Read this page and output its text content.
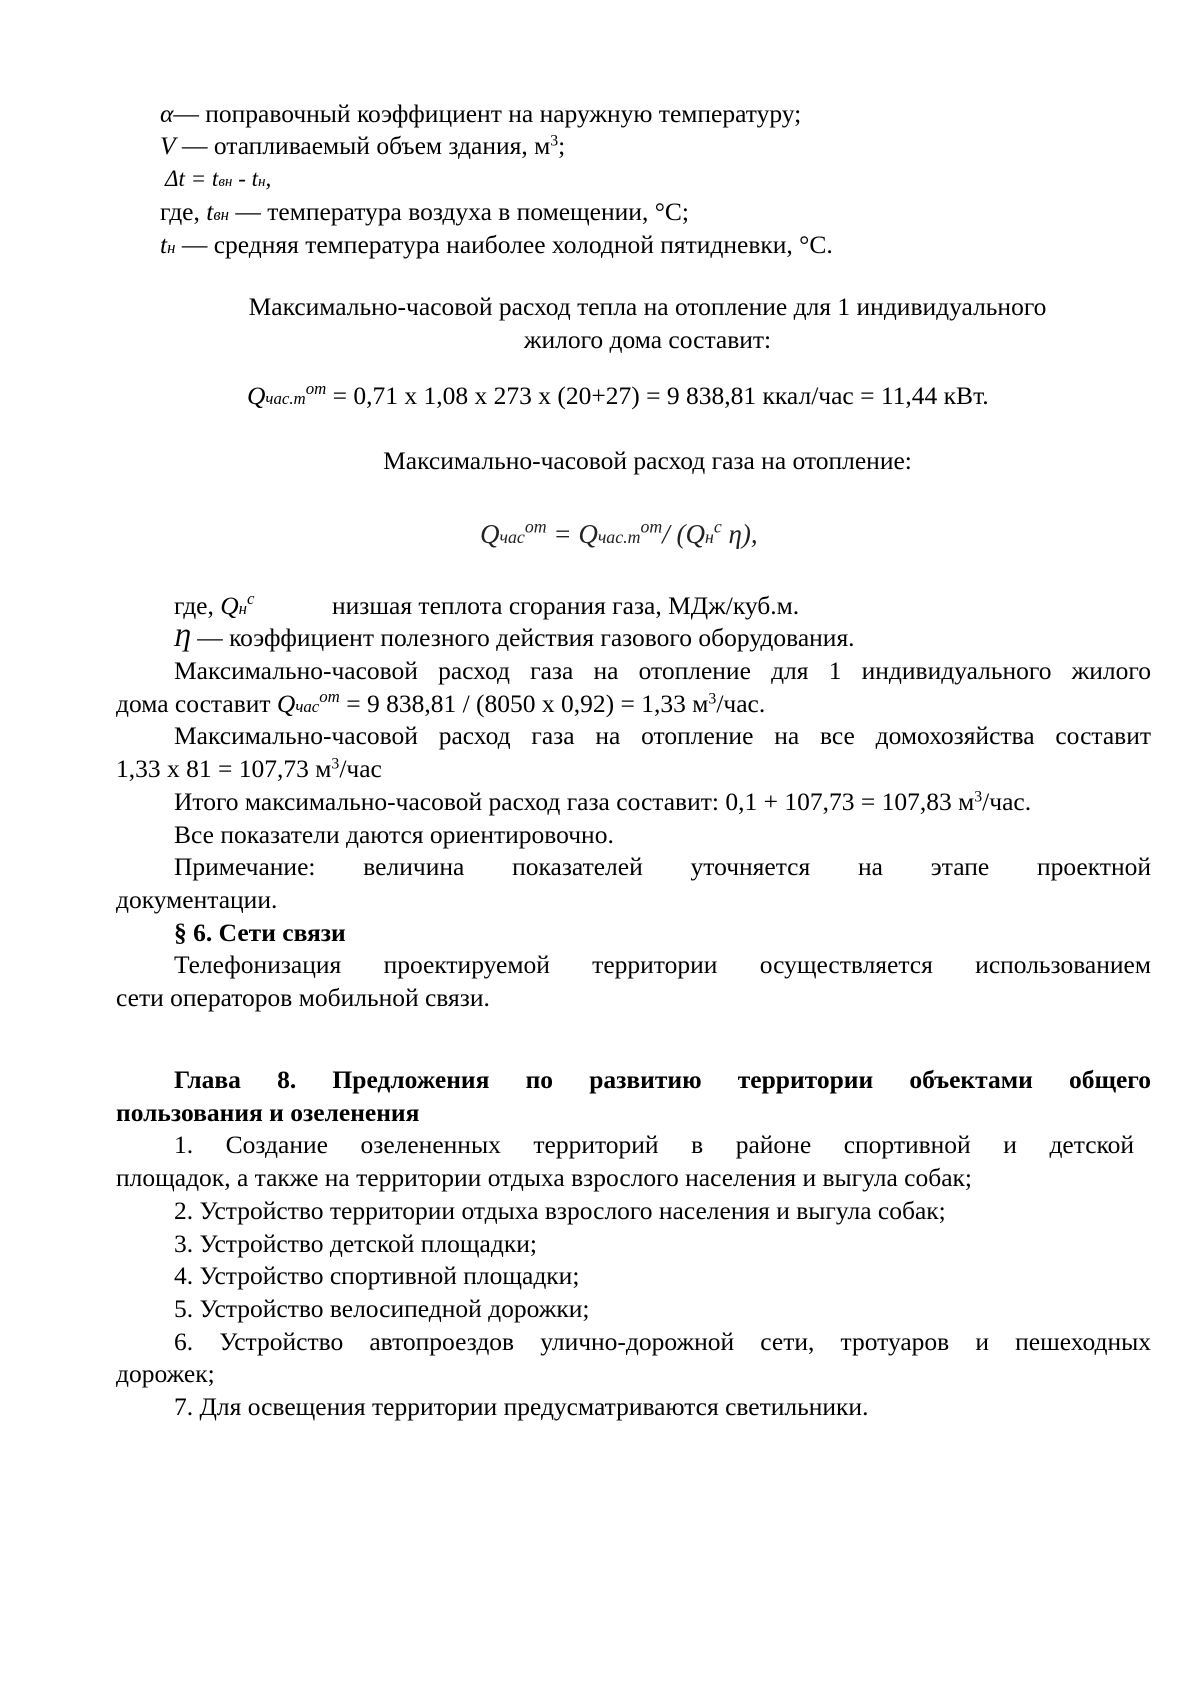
α— поправочный коэффициент на наружную температуру;
V — отапливаемый объем здания, $м^3$;
Δt = tвн - tн,
где, tвн — температура воздуха в помещении, °С;
tн — средняя температура наиболее холодной пятидневки, °С.
Максимально-часовой расход тепла на отопление для 1 индивидуального
жилого дома составит:
$Qчас.т^{от} = 0,71$ х 1,08 х 273 х (20+27) = 9 838,81 ккал/час = 11,44 кВт.
Максимально-часовой расход газа на отопление:
Qчас$^{от}$ = $Qчас.т^{от}/$ ($Qн^с$ η),
где, $Qн^с$	низшая теплота сгорания газа, МДж/куб.м.
Ƞ — коэффициент полезного действия газового оборудования.
Максимально-часовой расход газа на отопление для 1 индивидуального жилого
дома составит Qчас$^{от}$ = 9 838,81 / (8050 х 0,92) = 1,33 $м^3$/час.
Максимально-часовой расход газа на отопление на все домохозяйства составит
1,33 х 81 = 107,73 $м^3$/час
Итого максимально-часовой расход газа составит: 0,1 + 107,73 = 107,83 $м^3$/час.
Все показатели даются ориентировочно.
Примечание: величина показателей уточняется на этапе проектной
документации.
§ 6. Сети связи
Телефонизация проектируемой территории осуществляется использованием
сети операторов мобильной связи.
Глава 8. Предложения по развитию территории объектами общего
пользования и озеленения
1. Создание озелененных территорий в районе спортивной и детской
площадок, а также на территории отдыха взрослого населения и выгула собак;
2. Устройство территории отдыха взрослого населения и выгула собак;
3. Устройство детской площадки;
4. Устройство спортивной площадки;
5. Устройство велосипедной дорожки;
6. Устройство автопроездов улично-дорожной сети, тротуаров и пешеходных
дорожек;
7. Для освещения территории предусматриваются светильники.
